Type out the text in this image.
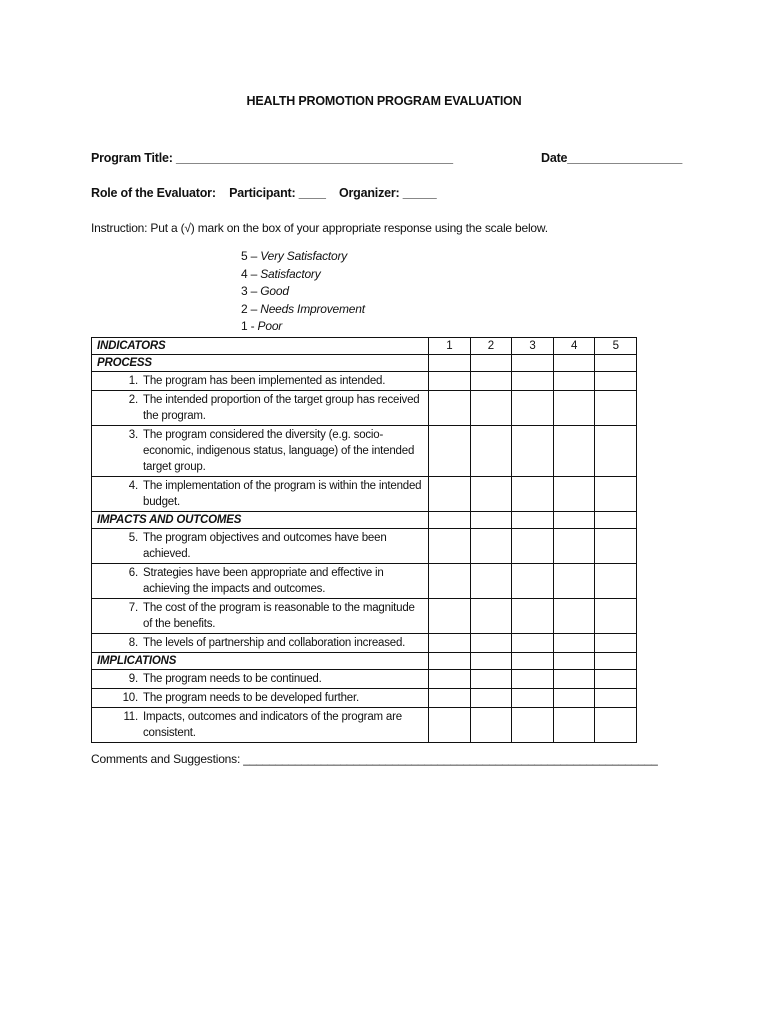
HEALTH PROMOTION PROGRAM EVALUATION
Program Title: _________________________________________	Date_________________
Role of the Evaluator: Participant: ____ Organizer: _____
Instruction: Put a (√) mark on the box of your appropriate response using the scale below.
5 – Very Satisfactory
4 – Satisfactory
3 – Good
2 – Needs Improvement
1 - Poor
INDICATORS	1	2	3	4	5
PROCESS					
1. The program has been implemented as intended.					
2. The intended proportion of the target group has received the program.					
3. The program considered the diversity (e.g. socio-economic, indigenous status, language) of the intended target group.					
4. The implementation of the program is within the intended budget.					
IMPACTS AND OUTCOMES					
5. The program objectives and outcomes have been achieved.					
6. Strategies have been appropriate and effective in achieving the impacts and outcomes.					
7. The cost of the program is reasonable to the magnitude of the benefits.					
8. The levels of partnership and collaboration increased.					
IMPLICATIONS					
9. The program needs to be continued.					
10. The program needs to be developed further.					
11. Impacts, outcomes and indicators of the program are consistent.					
Comments and Suggestions: ________________________________________________________________
